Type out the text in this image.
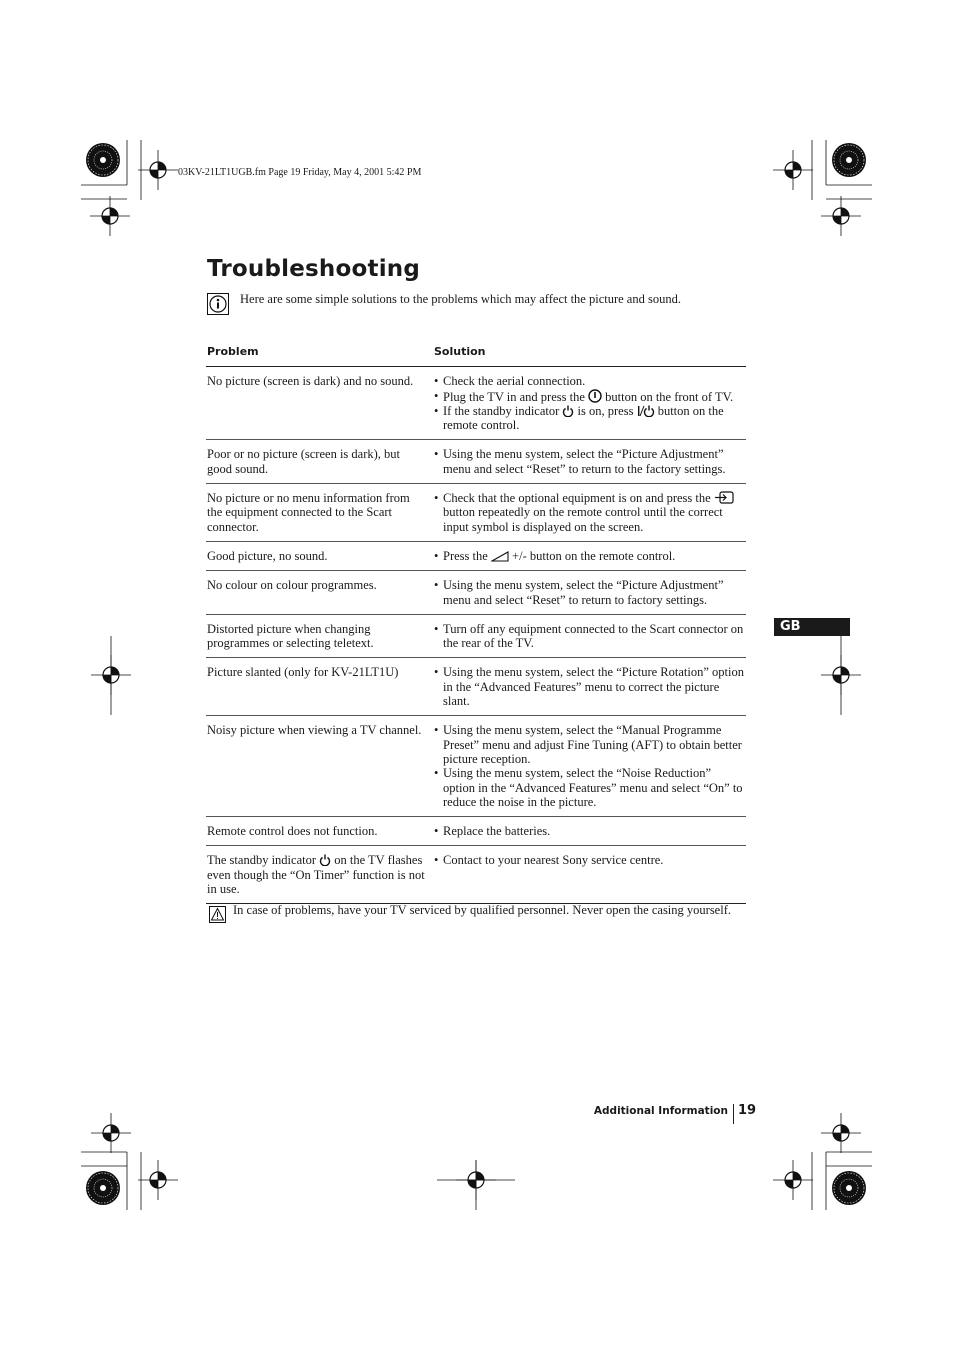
03KV-21LT1UGB.fm Page 19 Friday, May 4, 2001 5:42 PM
Troubleshooting
Here are some simple solutions to the problems which may affect the picture and sound.
Problem	Solution
No picture (screen is dark) and no sound.	• Check the aerial connection.
• Plug the TV in and press the  button on the front of TV.
• If the standby indicator  is on, press  button on the remote control.

Poor or no picture (screen is dark), but good sound.	• Using the menu system, select the “Picture Adjustment” menu and select “Reset” to return to the factory settings.

No picture or no menu information from the equipment connected to the Scart connector.	• Check that the optional equipment is on and press the  button repeatedly on the remote control until the correct input symbol is displayed on the screen.

Good picture, no sound.	• Press the  +/- button on the remote control.

No colour on colour programmes.	• Using the menu system, select the “Picture Adjustment” menu and select “Reset” to return to factory settings.

Distorted picture when changing programmes or selecting teletext.	• Turn off any equipment connected to the Scart connector on the rear of the TV.

Picture slanted (only for KV-21LT1U)	• Using the menu system, select the “Picture Rotation” option in the “Advanced Features” menu to correct the picture slant.

Noisy picture when viewing a TV channel.	• Using the menu system, select the “Manual Programme Preset” menu and adjust Fine Tuning (AFT) to obtain better picture reception.
• Using the menu system, select the “Noise Reduction” option in the “Advanced Features” menu and select “On” to reduce the noise in the picture.

Remote control does not function.	• Replace the batteries.

The standby indicator  on the TV flashes even though the “On Timer” function is not in use.	• Contact to your nearest Sony service centre.
In case of problems, have your TV serviced by qualified personnel. Never open the casing yourself.
GB
Additional Information 19
